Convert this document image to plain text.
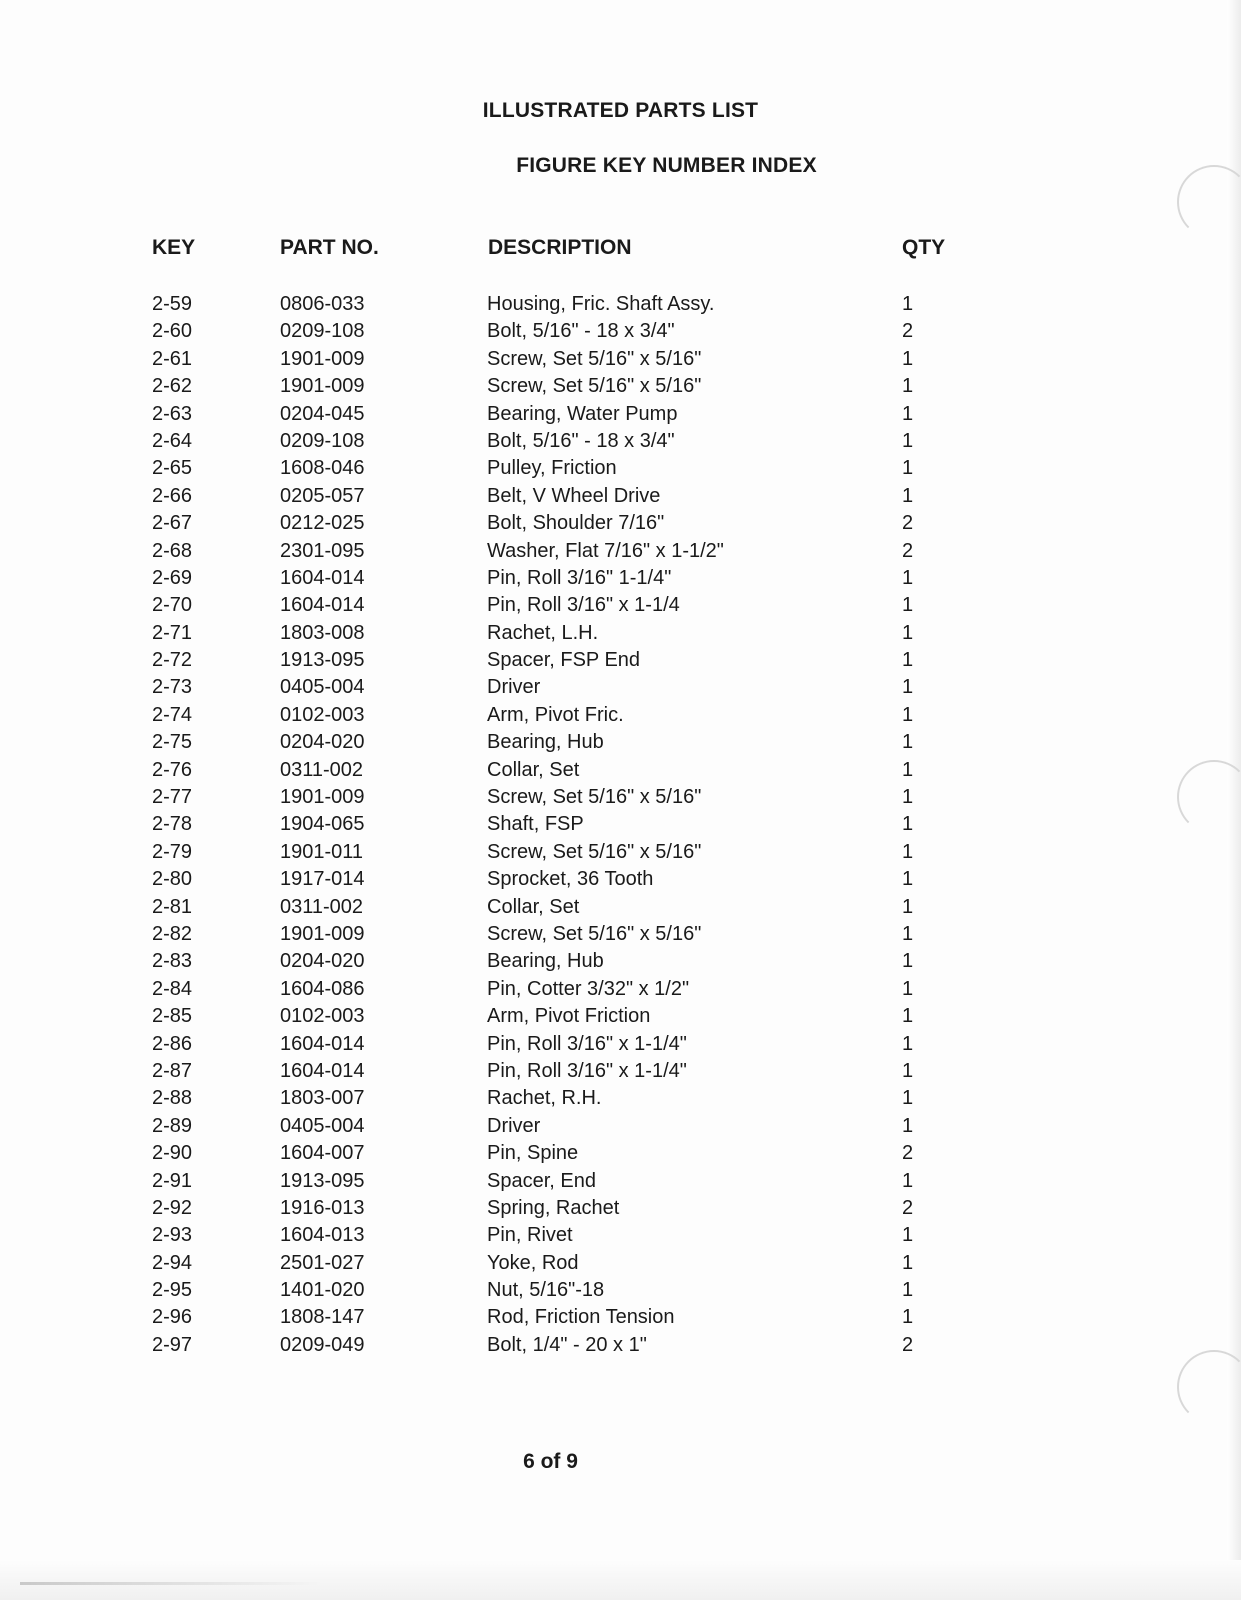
ILLUSTRATED PARTS LIST
FIGURE KEY NUMBER INDEX
KEY	PART NO.	DESCRIPTION	QTY
2-59	0806-033	Housing, Fric. Shaft Assy.	1
2-60	0209-108	Bolt, 5/16" - 18 x 3/4"	2
2-61	1901-009	Screw, Set 5/16" x 5/16"	1
2-62	1901-009	Screw, Set 5/16" x 5/16"	1
2-63	0204-045	Bearing, Water Pump	1
2-64	0209-108	Bolt, 5/16" - 18 x 3/4"	1
2-65	1608-046	Pulley, Friction	1
2-66	0205-057	Belt, V Wheel Drive	1
2-67	0212-025	Bolt, Shoulder 7/16"	2
2-68	2301-095	Washer, Flat 7/16" x 1-1/2"	2
2-69	1604-014	Pin, Roll 3/16" 1-1/4"	1
2-70	1604-014	Pin, Roll 3/16" x 1-1/4	1
2-71	1803-008	Rachet, L.H.	1
2-72	1913-095	Spacer, FSP End	1
2-73	0405-004	Driver	1
2-74	0102-003	Arm, Pivot Fric.	1
2-75	0204-020	Bearing, Hub	1
2-76	0311-002	Collar, Set	1
2-77	1901-009	Screw, Set 5/16" x 5/16"	1
2-78	1904-065	Shaft, FSP	1
2-79	1901-011	Screw, Set 5/16" x 5/16"	1
2-80	1917-014	Sprocket, 36 Tooth	1
2-81	0311-002	Collar, Set	1
2-82	1901-009	Screw, Set 5/16" x 5/16"	1
2-83	0204-020	Bearing, Hub	1
2-84	1604-086	Pin, Cotter 3/32" x 1/2"	1
2-85	0102-003	Arm, Pivot Friction	1
2-86	1604-014	Pin, Roll 3/16" x 1-1/4"	1
2-87	1604-014	Pin, Roll 3/16" x 1-1/4"	1
2-88	1803-007	Rachet, R.H.	1
2-89	0405-004	Driver	1
2-90	1604-007	Pin, Spine	2
2-91	1913-095	Spacer, End	1
2-92	1916-013	Spring, Rachet	2
2-93	1604-013	Pin, Rivet	1
2-94	2501-027	Yoke, Rod	1
2-95	1401-020	Nut, 5/16"-18	1
2-96	1808-147	Rod, Friction Tension	1
2-97	0209-049	Bolt, 1/4" - 20 x 1"	2
6 of 9
